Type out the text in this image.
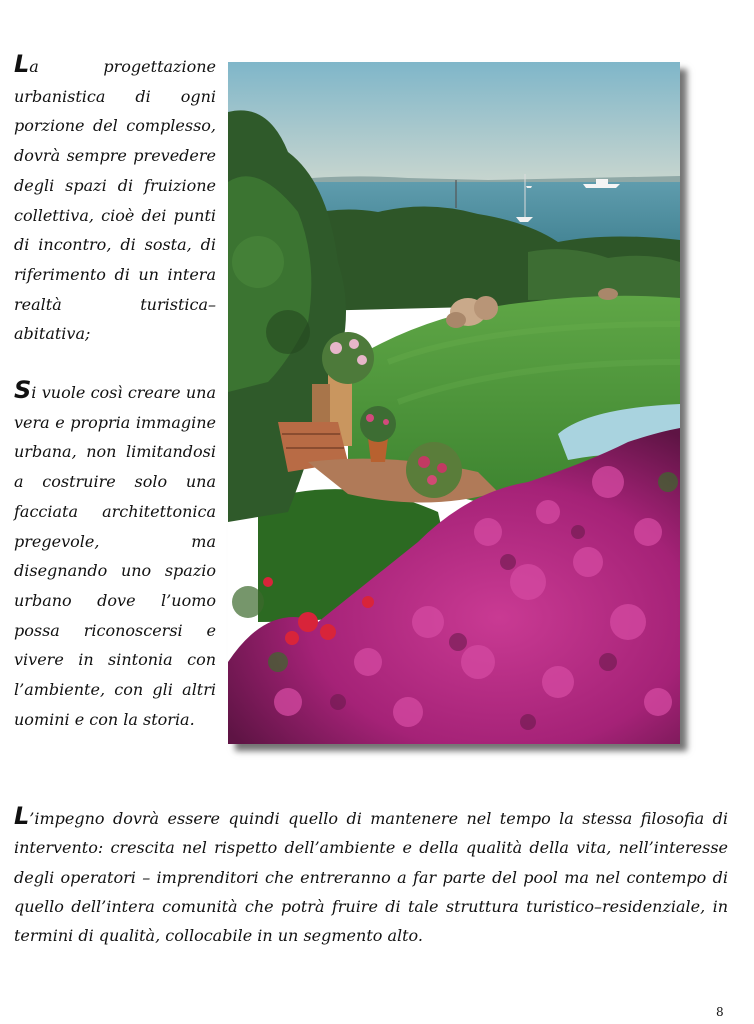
La progettazione urbanistica di ogni porzione del complesso, dovrà sempre prevedere degli spazi di fruizione collettiva, cioè dei punti di incontro, di sosta, di riferimento di un intera realtà turistica–abitativa;

Si vuole così creare una vera e propria immagine urbana, non limitandosi a costruire solo una facciata architettonica pregevole, ma disegnando uno spazio urbano dove l’uomo possa riconoscersi e vivere in sintonia con l’ambiente, con gli altri uomini e con la storia.

L’impegno dovrà essere quindi quello di mantenere nel tempo la stessa filosofia di intervento: crescita nel rispetto dell’ambiente e della qualità della vita, nell’interesse degli operatori – imprenditori che entreranno a far parte del pool ma nel contempo di quello dell’intera comunità che potrà fruire di tale struttura turistico–residenziale, in termini di qualità, collocabile in un segmento alto.

8
